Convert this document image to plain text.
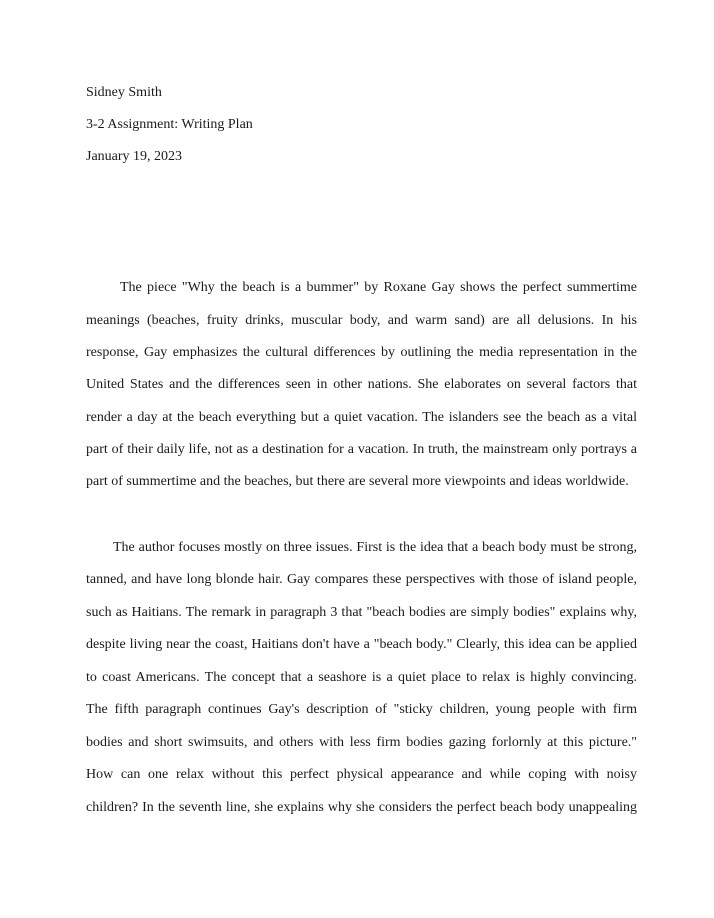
Sidney Smith
3-2 Assignment: Writing Plan
January 19, 2023
The piece "Why the beach is a bummer" by Roxane Gay shows the perfect summertime
meanings (beaches, fruity drinks, muscular body, and warm sand) are all delusions. In his
response, Gay emphasizes the cultural differences by outlining the media representation in the
United States and the differences seen in other nations. She elaborates on several factors that
render a day at the beach everything but a quiet vacation. The islanders see the beach as a vital
part of their daily life, not as a destination for a vacation. In truth, the mainstream only portrays a
part of summertime and the beaches, but there are several more viewpoints and ideas worldwide.
The author focuses mostly on three issues. First is the idea that a beach body must be strong,
tanned, and have long blonde hair. Gay compares these perspectives with those of island people,
such as Haitians. The remark in paragraph 3 that "beach bodies are simply bodies" explains why,
despite living near the coast, Haitians don't have a "beach body." Clearly, this idea can be applied
to coast Americans. The concept that a seashore is a quiet place to relax is highly convincing.
The fifth paragraph continues Gay's description of "sticky children, young people with firm
bodies and short swimsuits, and others with less firm bodies gazing forlornly at this picture."
How can one relax without this perfect physical appearance and while coping with noisy
children? In the seventh line, she explains why she considers the perfect beach body unappealing
